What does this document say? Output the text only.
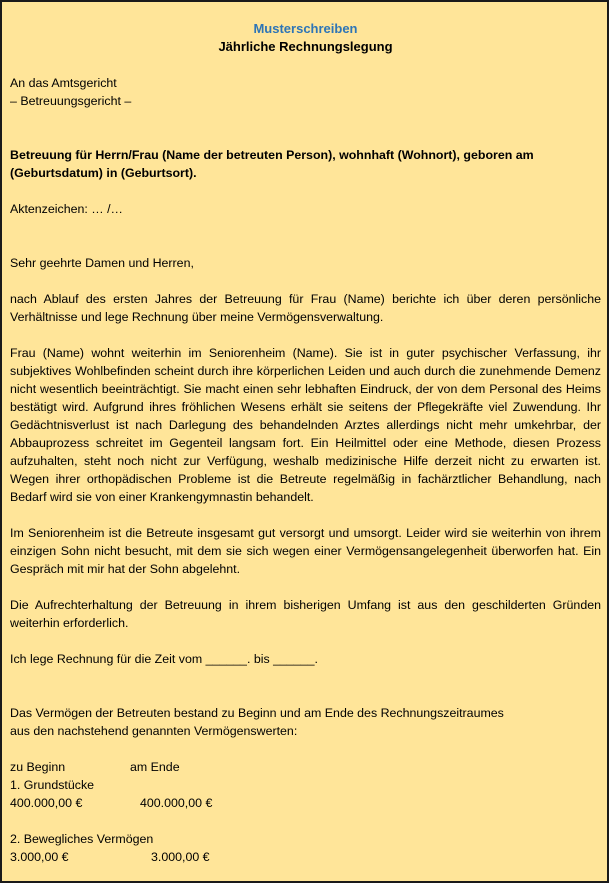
Musterschreiben

Jährliche Rechnungslegung

An das Amtsgericht

– Betreuungsgericht –

Betreuung für Herrn/Frau (Name der betreuten Person), wohnhaft (Wohnort), geboren am (Geburtsdatum) in (Geburtsort).

Aktenzeichen: … /…

Sehr geehrte Damen und Herren,

nach Ablauf des ersten Jahres der Betreuung für Frau (Name) berichte ich über deren persönliche Verhältnisse und lege Rechnung über meine Vermögensverwaltung.

Frau (Name) wohnt weiterhin im Seniorenheim (Name). Sie ist in guter psychischer Verfassung, ihr subjektives Wohlbefinden scheint durch ihre körperlichen Leiden und auch durch die zunehmende Demenz nicht wesentlich beeinträchtigt. Sie macht einen sehr lebhaften Eindruck, der von dem Personal des Heims bestätigt wird. Aufgrund ihres fröhlichen Wesens erhält sie seitens der Pflegekräfte viel Zuwendung. Ihr Gedächtnisverlust ist nach Darlegung des behandelnden Arztes allerdings nicht mehr umkehrbar, der Abbauprozess schreitet im Gegenteil langsam fort. Ein Heilmittel oder eine Methode, diesen Prozess aufzuhalten, steht noch nicht zur Verfügung, weshalb medizinische Hilfe derzeit nicht zu erwarten ist. Wegen ihrer orthopädischen Probleme ist die Betreute regelmäßig in fachärztlicher Behandlung, nach Bedarf wird sie von einer Krankengymnastin behandelt.

Im Seniorenheim ist die Betreute insgesamt gut versorgt und umsorgt. Leider wird sie weiterhin von ihrem einzigen Sohn nicht besucht, mit dem sie sich wegen einer Vermögensangelegenheit überworfen hat. Ein Gespräch mit mir hat der Sohn abgelehnt.

Die Aufrechterhaltung der Betreuung in ihrem bisherigen Umfang ist aus den geschilderten Gründen weiterhin erforderlich.

Ich lege Rechnung für die Zeit vom ______. bis ______.

Das Vermögen der Betreuten bestand zu Beginn und am Ende des Rechnungszeitraumes

aus den nachstehend genannten Vermögenswerten:

zu Beginn	am Ende

1. Grundstücke

400.000,00 €	400.000,00 €

2. Bewegliches Vermögen

3.000,00 €	3.000,00 €
